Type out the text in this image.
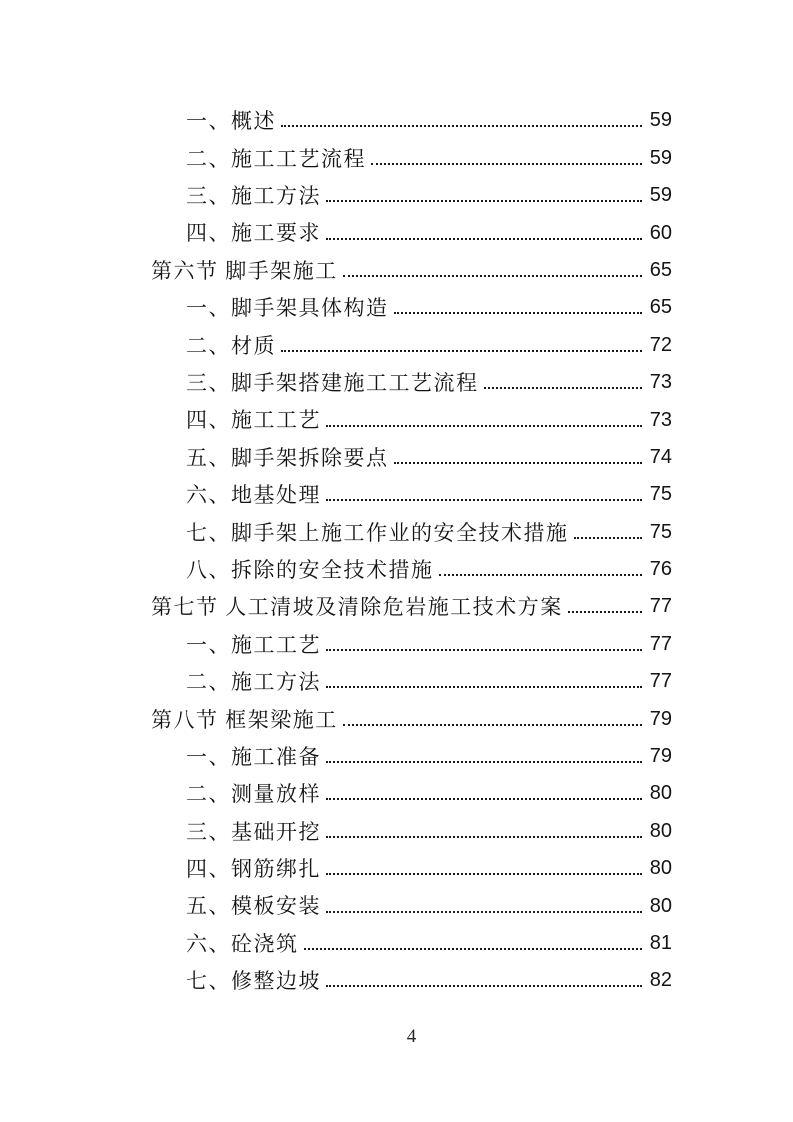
一、概述	59
二、施工工艺流程	59
三、施工方法	59
四、施工要求	60
第六节 脚手架施工	65
一、脚手架具体构造	65
二、材质	72
三、脚手架搭建施工工艺流程	73
四、施工工艺	73
五、脚手架拆除要点	74
六、地基处理	75
七、脚手架上施工作业的安全技术措施	75
八、拆除的安全技术措施	76
第七节 人工清坡及清除危岩施工技术方案	77
一、施工工艺	77
二、施工方法	77
第八节 框架梁施工	79
一、施工准备	79
二、测量放样	80
三、基础开挖	80
四、钢筋绑扎	80
五、模板安装	80
六、砼浇筑	81
七、修整边坡	82
4
